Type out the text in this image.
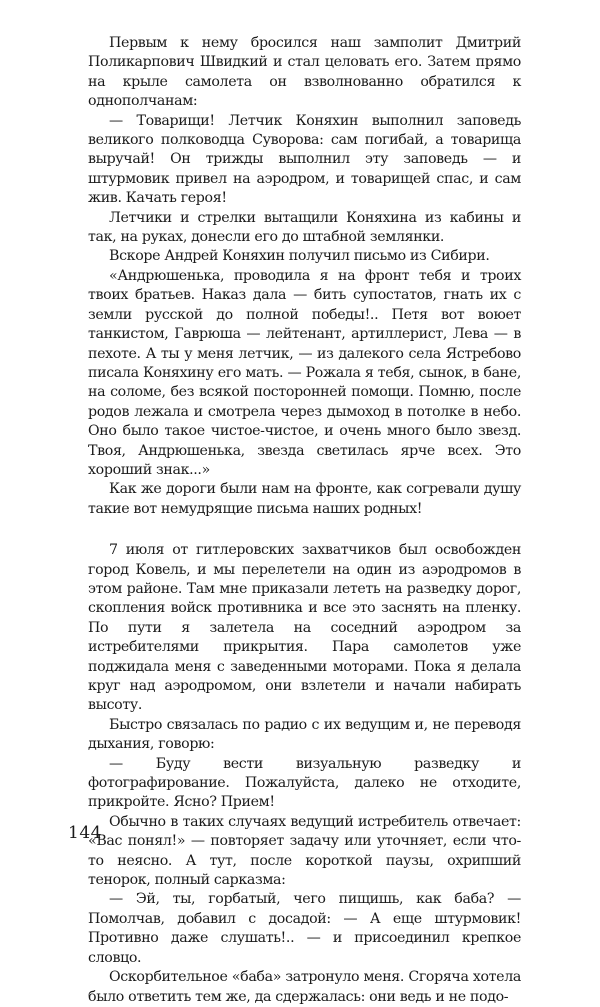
Первым к нему бросился наш замполит Дмитрий Поликарпович Швидкий и стал целовать его. Затем прямо на крыле самолета он взволнованно обратился к однополчанам:

— Товарищи! Летчик Коняхин выполнил заповедь великого полководца Суворова: сам погибай, а товарища выручай! Он трижды выполнил эту заповедь — и штурмовик привел на аэродром, и товарищей спас, и сам жив. Качать героя!

Летчики и стрелки вытащили Коняхина из кабины и так, на руках, донесли его до штабной землянки.

Вскоре Андрей Коняхин получил письмо из Сибири.

«Андрюшенька, проводила я на фронт тебя и троих твоих братьев. Наказ дала — бить супостатов, гнать их с земли русской до полной победы!.. Петя вот воюет танкистом, Гаврюша — лейтенант, артиллерист, Лева — в пехоте. А ты у меня летчик, — из далекого села Ястребово писала Коняхину его мать. — Рожала я тебя, сынок, в бане, на соломе, без всякой посторонней помощи. Помню, после родов лежала и смотрела через дымоход в потолке в небо. Оно было такое чистое-чистое, и очень много было звезд. Твоя, Андрюшенька, звезда светилась ярче всех. Это хороший знак...»

Как же дороги были нам на фронте, как согревали душу такие вот немудрящие письма наших родных!

7 июля от гитлеровских захватчиков был освобожден город Ковель, и мы перелетели на один из аэродромов в этом районе. Там мне приказали лететь на разведку дорог, скопления войск противника и все это заснять на пленку. По пути я залетела на соседний аэродром за истребителями прикрытия. Пара самолетов уже поджидала меня с заведенными моторами. Пока я делала круг над аэродромом, они взлетели и начали набирать высоту.

Быстро связалась по радио с их ведущим и, не переводя дыхания, говорю:

— Буду вести визуальную разведку и фотографирование. Пожалуйста, далеко не отходите, прикройте. Ясно? Прием!

Обычно в таких случаях ведущий истребитель отвечает: «Вас понял!» — повторяет задачу или уточняет, если что-то неясно. А тут, после короткой паузы, охрипший тенорок, полный сарказма:

— Эй, ты, горбатый, чего пищишь, как баба? — Помолчав, добавил с досадой: — А еще штурмовик! Противно даже слушать!.. — и присоединил крепкое словцо.

Оскорбительное «баба» затронуло меня. Сгоряча хотела было ответить тем же, да сдержалась: они ведь и не подо-

144
